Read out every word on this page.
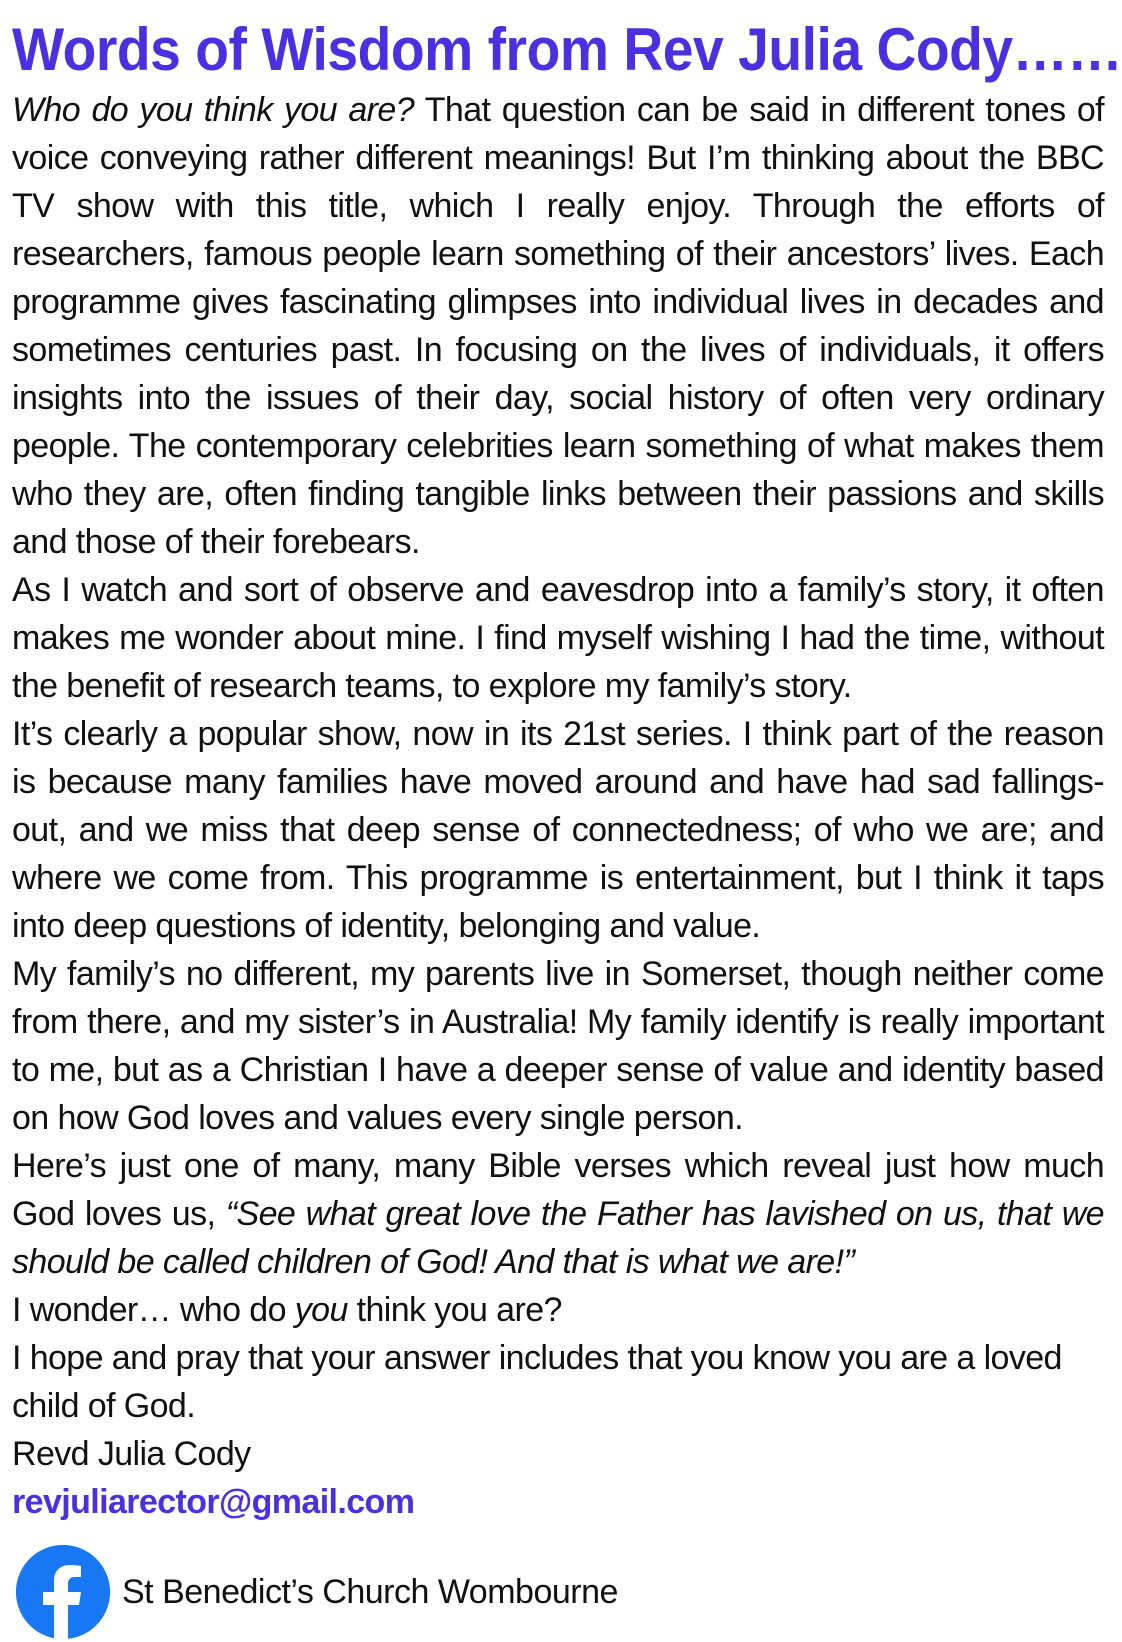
Words of Wisdom from Rev Julia Cody……

Who do you think you are? That question can be said in different tones of voice conveying rather different meanings! But I’m thinking about the BBC TV show with this title, which I really enjoy. Through the efforts of researchers, famous people learn something of their ancestors’ lives. Each programme gives fascinating glimpses into individual lives in decades and sometimes centuries past. In focusing on the lives of individuals, it offers insights into the issues of their day, social history of often very ordinary people. The contemporary celebrities learn something of what makes them who they are, often finding tangible links between their passions and skills and those of their forebears.

As I watch and sort of observe and eavesdrop into a family’s story, it often makes me wonder about mine. I find myself wishing I had the time, without the benefit of research teams, to explore my family’s story.

It’s clearly a popular show, now in its 21st series. I think part of the reason is because many families have moved around and have had sad fallings-out, and we miss that deep sense of connectedness; of who we are; and where we come from. This programme is entertainment, but I think it taps into deep questions of identity, belonging and value.

My family’s no different, my parents live in Somerset, though neither come from there, and my sister’s in Australia! My family identify is really important to me, but as a Christian I have a deeper sense of value and identity based on how God loves and values every single person.

Here’s just one of many, many Bible verses which reveal just how much God loves us, “See what great love the Father has lavished on us, that we should be called children of God! And that is what we are!”

I wonder… who do you think you are?

I hope and pray that your answer includes that you know you are a loved child of God.

Revd Julia Cody

revjuliarector@gmail.com

St Benedict’s Church Wombourne
